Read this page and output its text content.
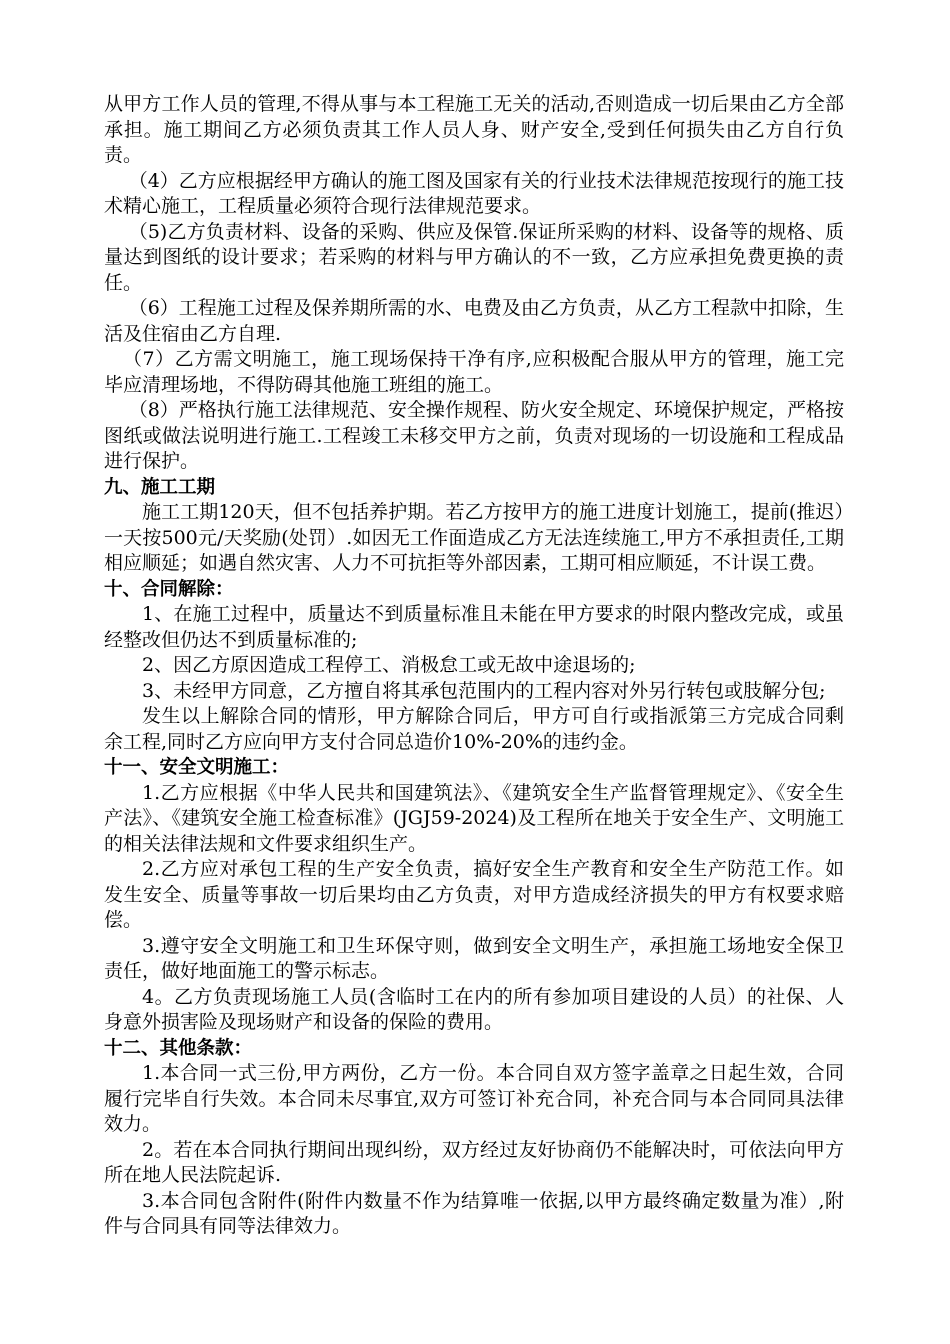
从甲方工作人员的管理,不得从事与本工程施工无关的活动,否则造成一切后果由乙方全部承担。施工期间乙方必须负责其工作人员人身、财产安全,受到任何损失由乙方自行负责。

（4）乙方应根据经甲方确认的施工图及国家有关的行业技术法律规范按现行的施工技术精心施工，工程质量必须符合现行法律规范要求。

（5)乙方负责材料、设备的采购、供应及保管.保证所采购的材料、设备等的规格、质量达到图纸的设计要求；若采购的材料与甲方确认的不一致，乙方应承担免费更换的责任。

（6）工程施工过程及保养期所需的水、电费及由乙方负责，从乙方工程款中扣除，生活及住宿由乙方自理.

（7）乙方需文明施工，施工现场保持干净有序,应积极配合服从甲方的管理，施工完毕应清理场地，不得防碍其他施工班组的施工。

（8）严格执行施工法律规范、安全操作规程、防火安全规定、环境保护规定，严格按图纸或做法说明进行施工.工程竣工未移交甲方之前，负责对现场的一切设施和工程成品进行保护。

九、施工工期

施工工期120天，但不包括养护期。若乙方按甲方的施工进度计划施工，提前(推迟）一天按500元/天奖励(处罚）.如因无工作面造成乙方无法连续施工,甲方不承担责任,工期相应顺延；如遇自然灾害、人力不可抗拒等外部因素，工期可相应顺延，不计误工费。

十、合同解除：

1、在施工过程中，质量达不到质量标准且未能在甲方要求的时限内整改完成，或虽经整改但仍达不到质量标准的;

2、因乙方原因造成工程停工、消极怠工或无故中途退场的;

3、未经甲方同意，乙方擅自将其承包范围内的工程内容对外另行转包或肢解分包;

发生以上解除合同的情形，甲方解除合同后，甲方可自行或指派第三方完成合同剩余工程,同时乙方应向甲方支付合同总造价10%-20%的违约金。

十一、安全文明施工：

1.乙方应根据《中华人民共和国建筑法》、《建筑安全生产监督管理规定》、《安全生产法》、《建筑安全施工检查标准》(JGJ59-2024)及工程所在地关于安全生产、文明施工的相关法律法规和文件要求组织生产。

2.乙方应对承包工程的生产安全负责，搞好安全生产教育和安全生产防范工作。如发生安全、质量等事故一切后果均由乙方负责，对甲方造成经济损失的甲方有权要求赔偿。

3.遵守安全文明施工和卫生环保守则，做到安全文明生产，承担施工场地安全保卫责任，做好地面施工的警示标志。

4。乙方负责现场施工人员(含临时工在内的所有参加项目建设的人员）的社保、人身意外损害险及现场财产和设备的保险的费用。

十二、其他条款：

1.本合同一式三份,甲方两份，乙方一份。本合同自双方签字盖章之日起生效，合同履行完毕自行失效。本合同未尽事宜,双方可签订补充合同，补充合同与本合同同具法律效力。

2。若在本合同执行期间出现纠纷，双方经过友好协商仍不能解决时，可依法向甲方所在地人民法院起诉.

3.本合同包含附件(附件内数量不作为结算唯一依据,以甲方最终确定数量为准）,附件与合同具有同等法律效力。
